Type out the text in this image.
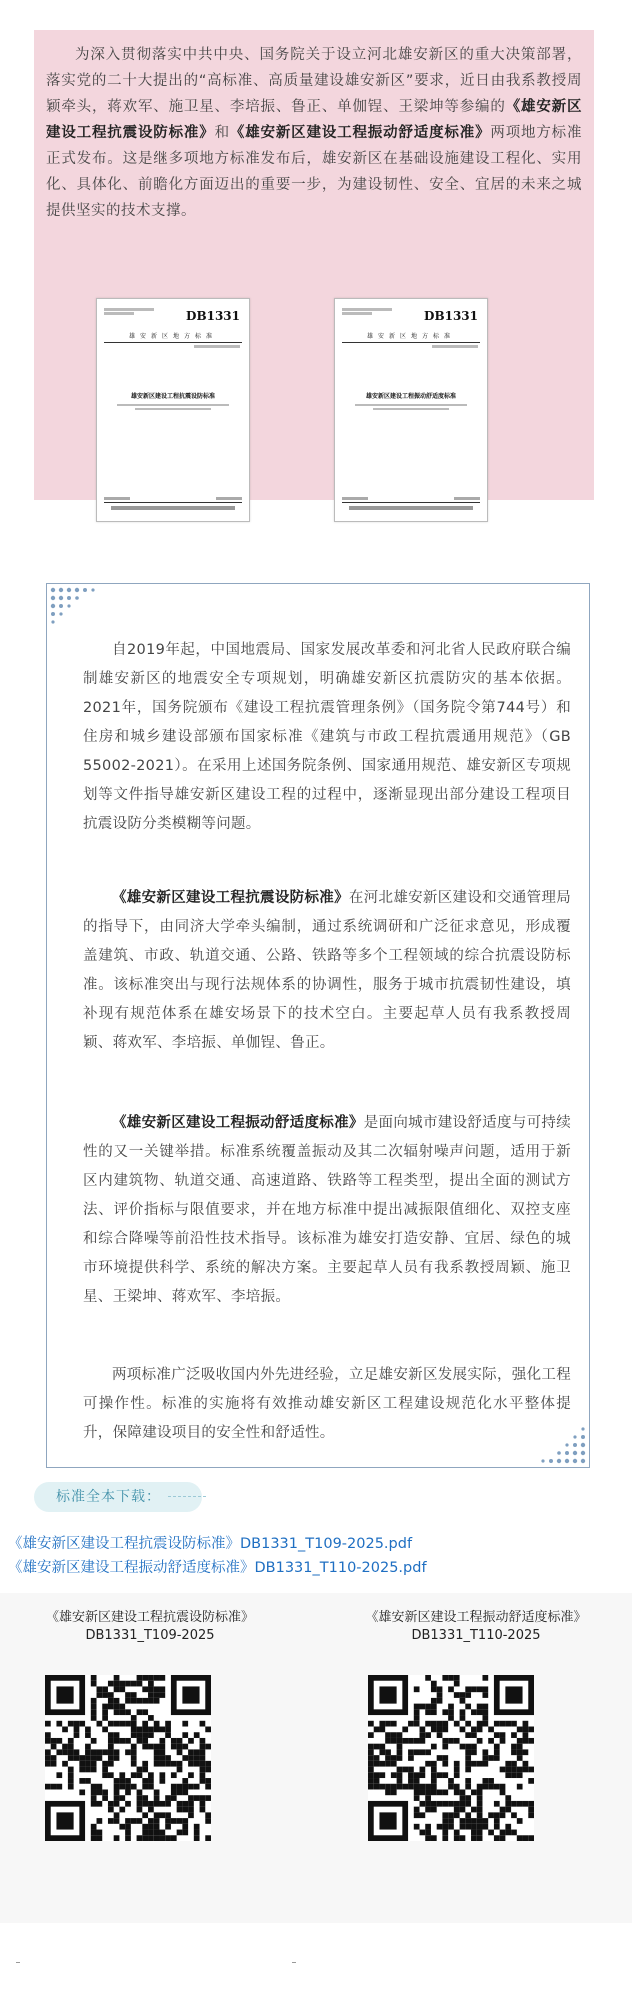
为深入贯彻落实中共中央、国务院关于设立河北雄安新区的重大决策部署，落实党的二十大提出的“高标准、高质量建设雄安新区”要求，近日由我系教授周颖牵头，蒋欢军、施卫星、李培振、鲁正、单伽锃、王梁坤等参编的《雄安新区建设工程抗震设防标准》和《雄安新区建设工程振动舒适度标准》两项地方标准正式发布。这是继多项地方标准发布后，雄安新区在基础设施建设工程化、实用化、具体化、前瞻化方面迈出的重要一步，为建设韧性、安全、宜居的未来之城提供坚实的技术支撑。

DB1331
雄安新区地方标准
雄安新区建设工程抗震设防标准
DB1331
雄安新区地方标准
雄安新区建设工程振动舒适度标准

自2019年起，中国地震局、国家发展改革委和河北省人民政府联合编制雄安新区的地震安全专项规划，明确雄安新区抗震防灾的基本依据。2021年，国务院颁布《建设工程抗震管理条例》（国务院令第744号）和住房和城乡建设部颁布国家标准《建筑与市政工程抗震通用规范》（GB 55002-2021）。在采用上述国务院条例、国家通用规范、雄安新区专项规划等文件指导雄安新区建设工程的过程中，逐渐显现出部分建设工程项目抗震设防分类模糊等问题。

《雄安新区建设工程抗震设防标准》在河北雄安新区建设和交通管理局的指导下，由同济大学牵头编制，通过系统调研和广泛征求意见，形成覆盖建筑、市政、轨道交通、公路、铁路等多个工程领域的综合抗震设防标准。该标准突出与现行法规体系的协调性，服务于城市抗震韧性建设，填补现有规范体系在雄安场景下的技术空白。主要起草人员有我系教授周颖、蒋欢军、李培振、单伽锃、鲁正。

《雄安新区建设工程振动舒适度标准》是面向城市建设舒适度与可持续性的又一关键举措。标准系统覆盖振动及其二次辐射噪声问题，适用于新区内建筑物、轨道交通、高速道路、铁路等工程类型，提出全面的测试方法、评价指标与限值要求，并在地方标准中提出减振限值细化、双控支座和综合降噪等前沿性技术指导。该标准为雄安打造安静、宜居、绿色的城市环境提供科学、系统的解决方案。主要起草人员有我系教授周颖、施卫星、王梁坤、蒋欢军、李培振。

两项标准广泛吸收国内外先进经验，立足雄安新区发展实际，强化工程可操作性。标准的实施将有效推动雄安新区工程建设规范化水平整体提升，保障建设项目的安全性和舒适性。

标准全本下载：
《雄安新区建设工程抗震设防标准》DB1331_T109-2025.pdf
《雄安新区建设工程振动舒适度标准》DB1331_T110-2025.pdf
《雄安新区建设工程抗震设防标准》
DB1331_T109-2025
《雄安新区建设工程振动舒适度标准》
DB1331_T110-2025
